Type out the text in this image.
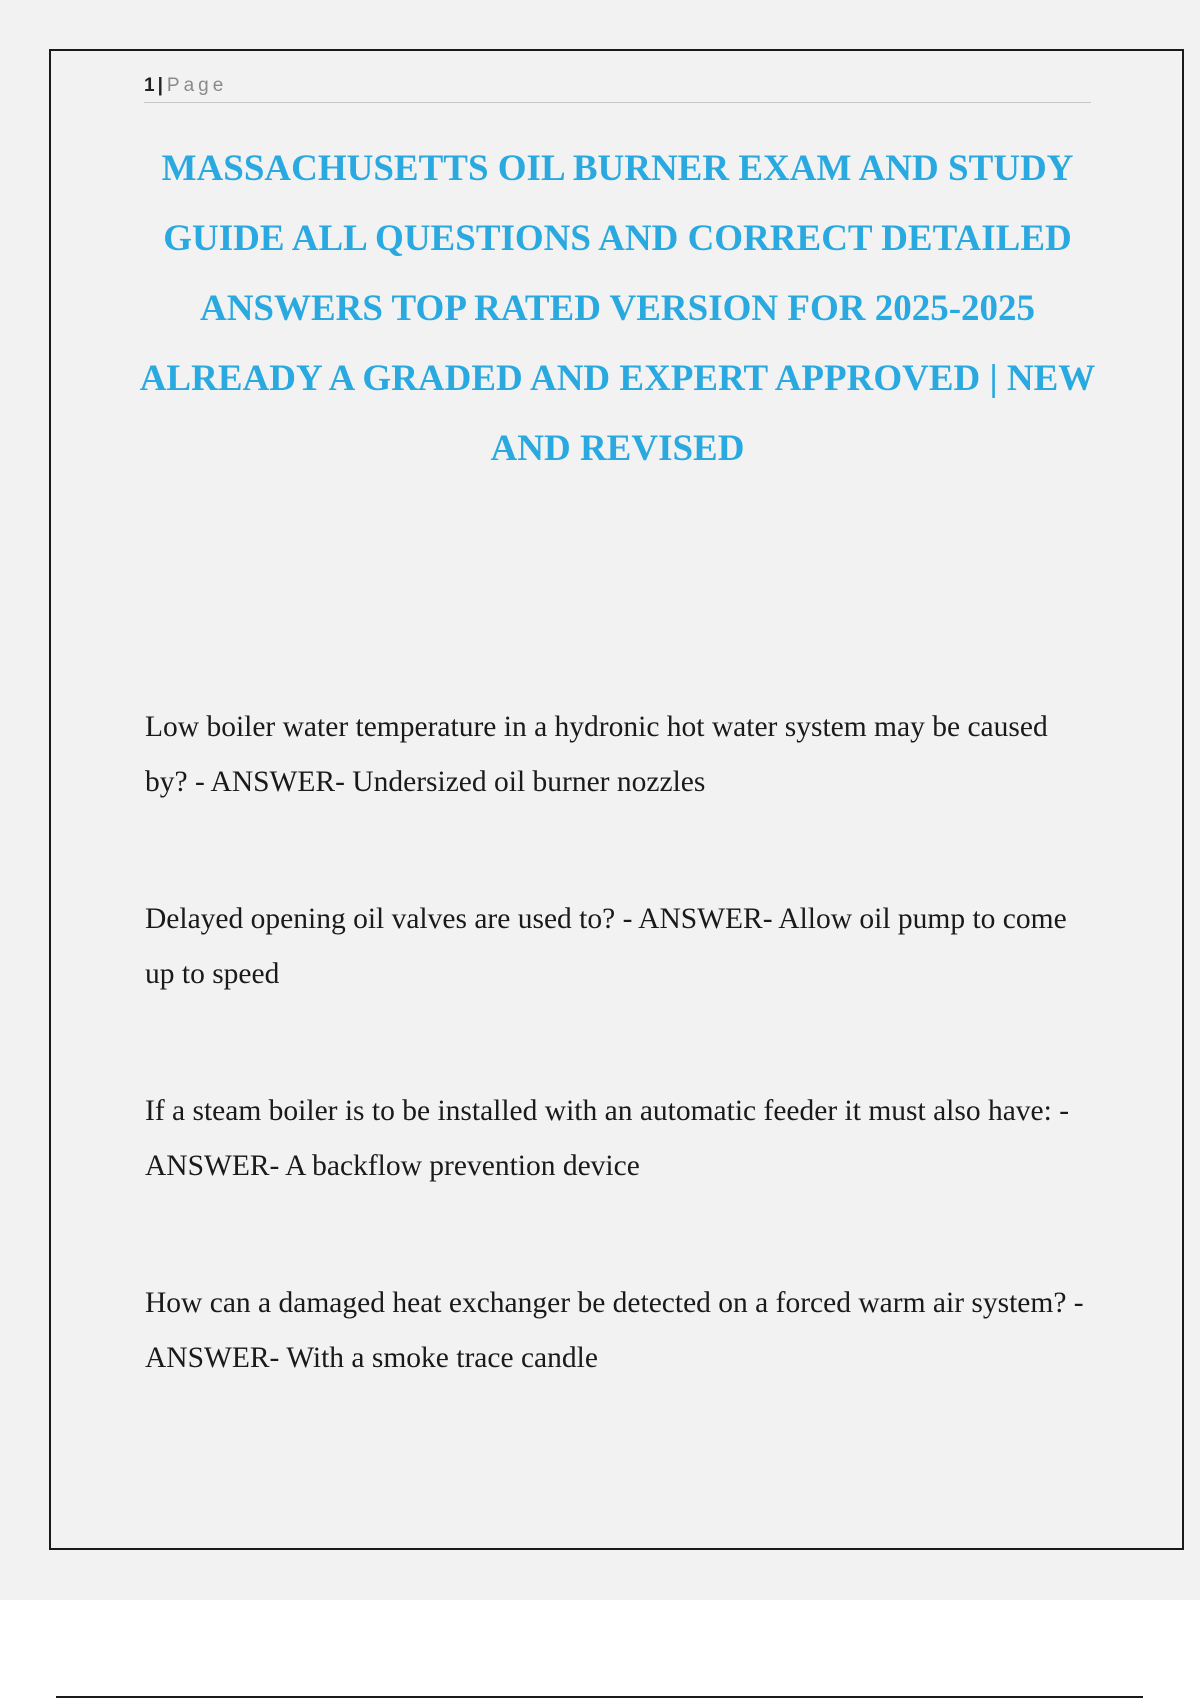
1 | Page
MASSACHUSETTS OIL BURNER EXAM AND STUDY GUIDE ALL QUESTIONS AND CORRECT DETAILED ANSWERS TOP RATED VERSION FOR 2025-2025 ALREADY A GRADED AND EXPERT APPROVED | NEW AND REVISED

Low boiler water temperature in a hydronic hot water system may be caused by? - ANSWER- Undersized oil burner nozzles

Delayed opening oil valves are used to? - ANSWER- Allow oil pump to come up to speed

If a steam boiler is to be installed with an automatic feeder it must also have: - ANSWER- A backflow prevention device

How can a damaged heat exchanger be detected on a forced warm air system? - ANSWER- With a smoke trace candle
